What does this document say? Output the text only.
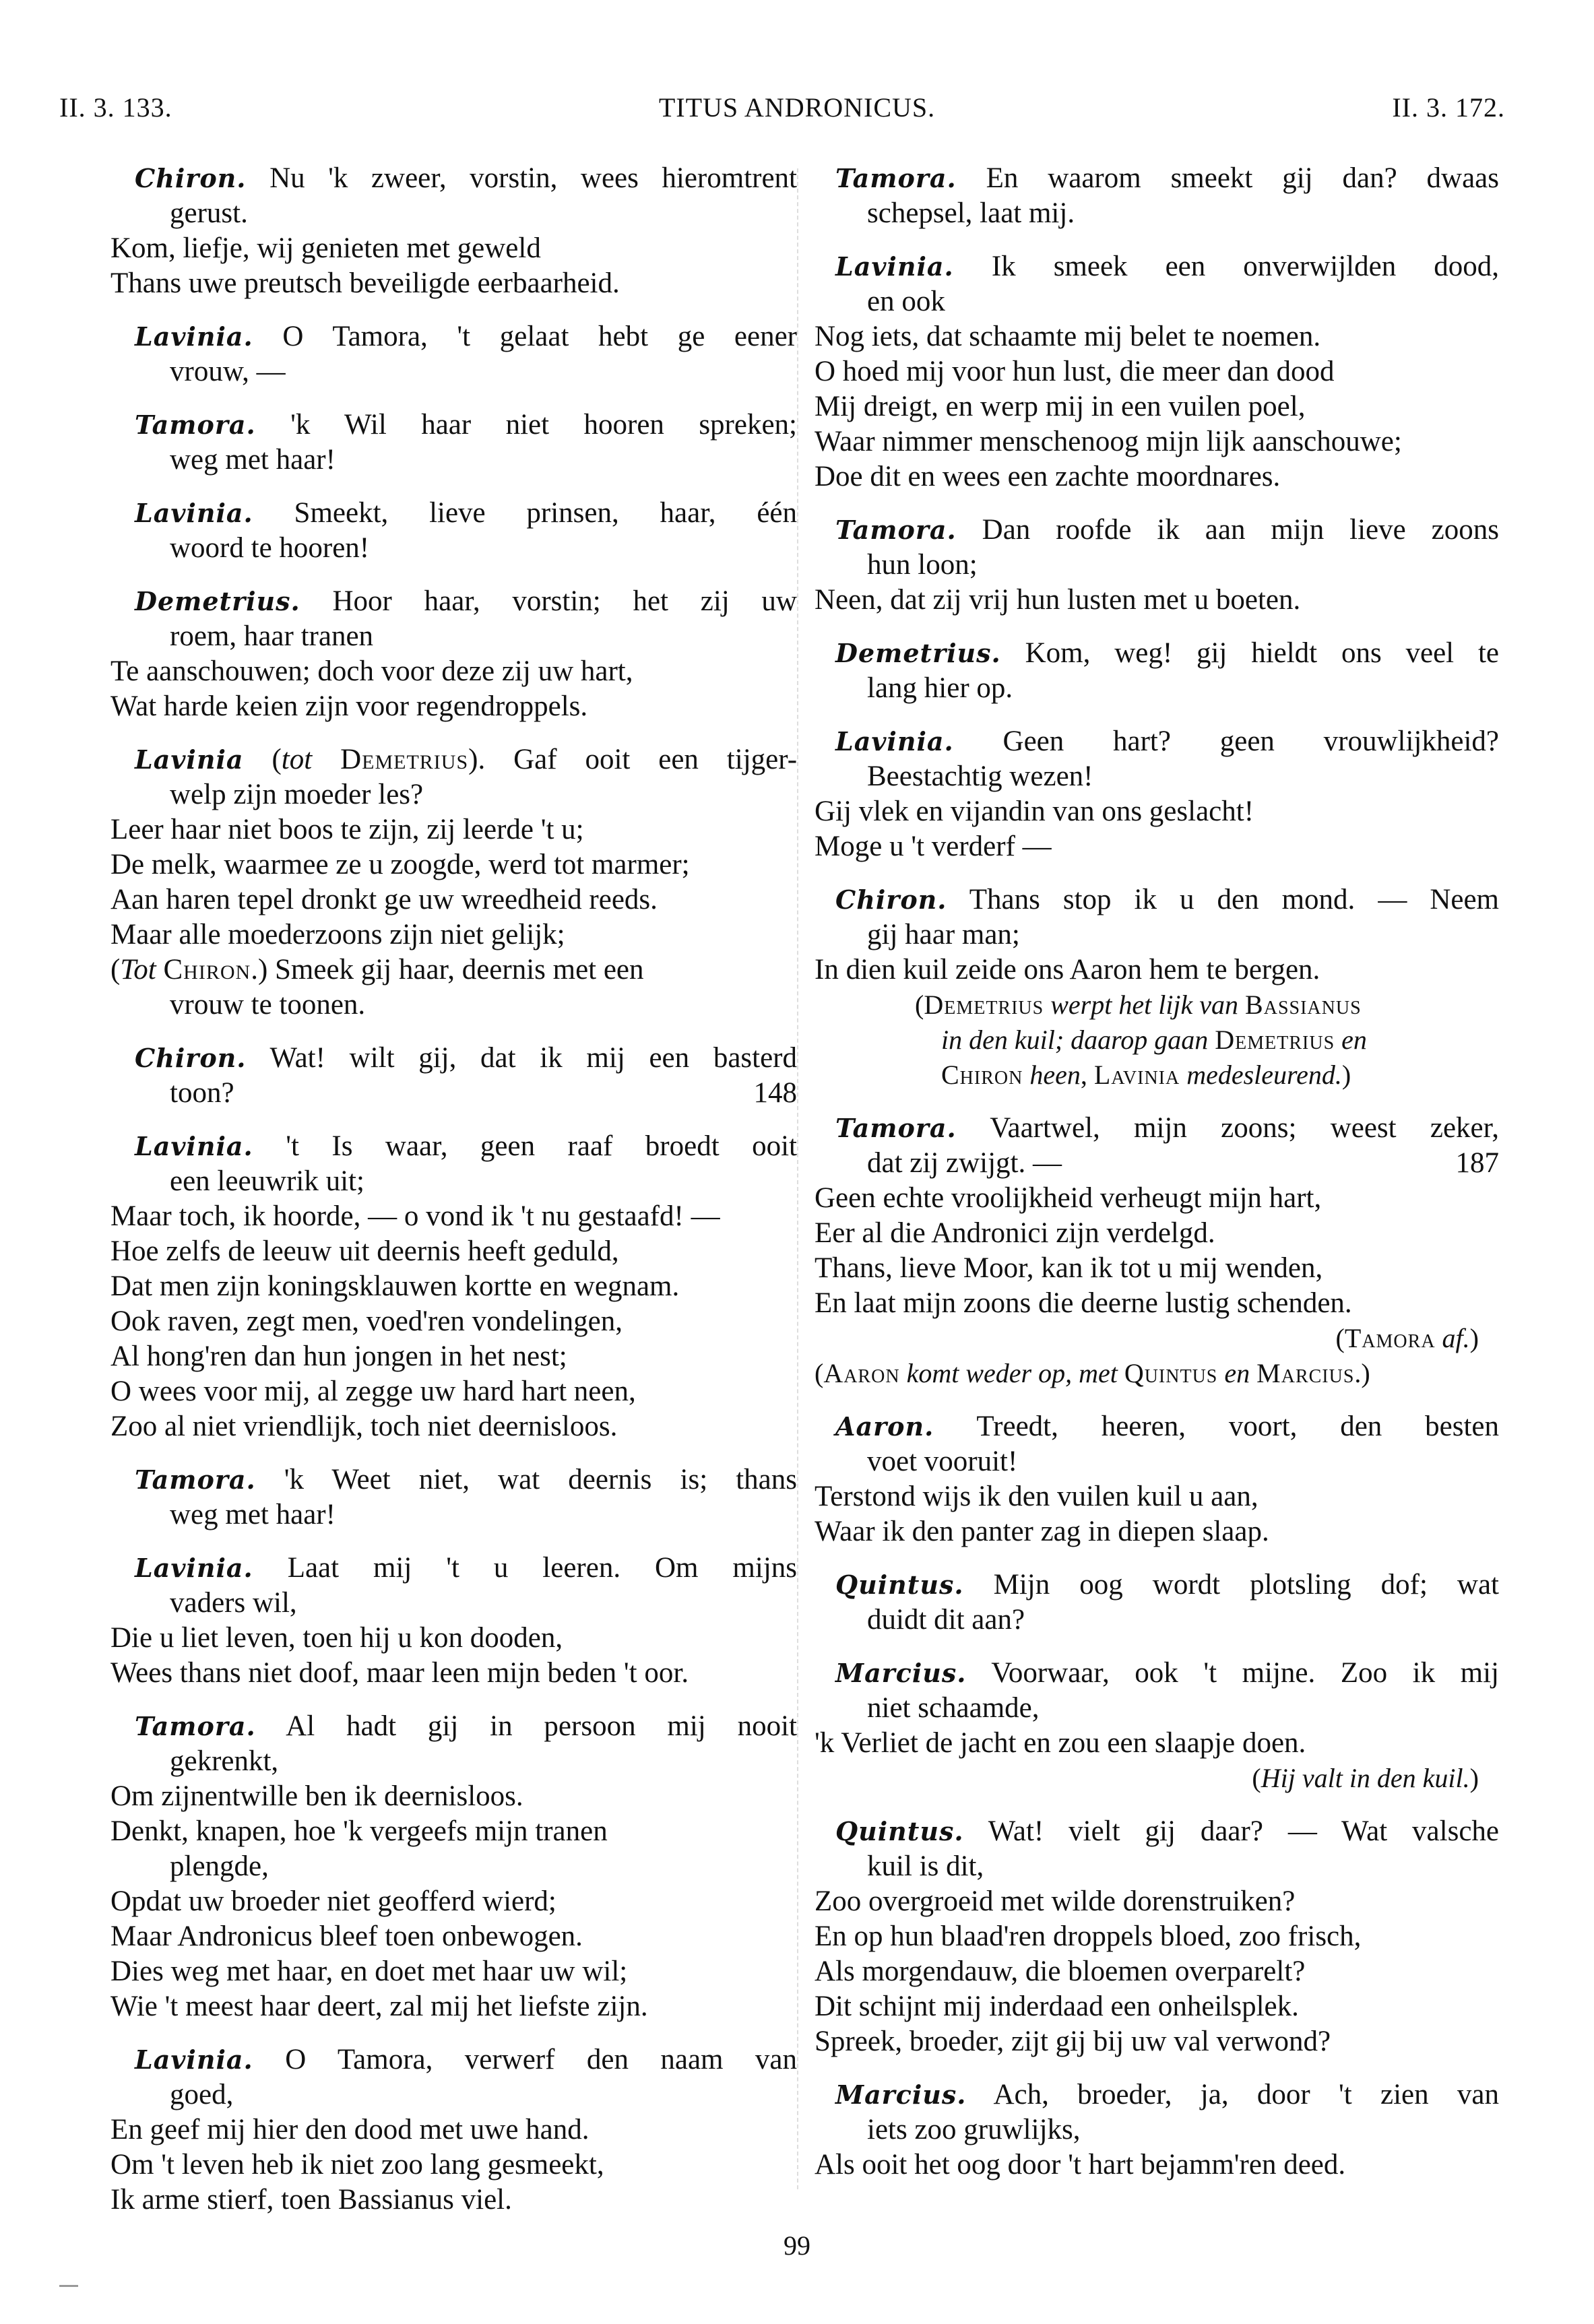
II. 3. 133.	TITUS ANDRONICUS.	II. 3. 172.
Chiron. Nu 'k zweer, vorstin, wees hieromtrent
gerust.
Kom, liefje, wij genieten met geweld
Thans uwe preutsch beveiligde eerbaarheid.
Lavinia. O Tamora, 't gelaat hebt ge eener
vrouw, —
Tamora. 'k Wil haar niet hooren spreken;
weg met haar!
Lavinia. Smeekt, lieve prinsen, haar, één
woord te hooren!
Demetrius. Hoor haar, vorstin; het zij uw
roem, haar tranen
Te aanschouwen; doch voor deze zij uw hart,
Wat harde keien zijn voor regendroppels.
Lavinia (tot Demetrius). Gaf ooit een tijger-
welp zijn moeder les?
Leer haar niet boos te zijn, zij leerde 't u;
De melk, waarmee ze u zoogde, werd tot marmer;
Aan haren tepel dronkt ge uw wreedheid reeds.
Maar alle moederzoons zijn niet gelijk;
(Tot Chiron.) Smeek gij haar, deernis met een
vrouw te toonen.
Chiron. Wat! wilt gij, dat ik mij een basterd
toon?	148
Lavinia. 't Is waar, geen raaf broedt ooit
een leeuwrik uit;
Maar toch, ik hoorde, — o vond ik 't nu gestaafd! —
Hoe zelfs de leeuw uit deernis heeft geduld,
Dat men zijn koningsklauwen kortte en wegnam.
Ook raven, zegt men, voed'ren vondelingen,
Al hong'ren dan hun jongen in het nest;
O wees voor mij, al zegge uw hard hart neen,
Zoo al niet vriendlijk, toch niet deernisloos.
Tamora. 'k Weet niet, wat deernis is; thans
weg met haar!
Lavinia. Laat mij 't u leeren. Om mijns
vaders wil,
Die u liet leven, toen hij u kon dooden,
Wees thans niet doof, maar leen mijn beden 't oor.
Tamora. Al hadt gij in persoon mij nooit
gekrenkt,
Om zijnentwille ben ik deernisloos.
Denkt, knapen, hoe 'k vergeefs mijn tranen
plengde,
Opdat uw broeder niet geofferd wierd;
Maar Andronicus bleef toen onbewogen.
Dies weg met haar, en doet met haar uw wil;
Wie 't meest haar deert, zal mij het liefste zijn.
Lavinia. O Tamora, verwerf den naam van
goed,
En geef mij hier den dood met uwe hand.
Om 't leven heb ik niet zoo lang gesmeekt,
Ik arme stierf, toen Bassianus viel.
Tamora. En waarom smeekt gij dan? dwaas
schepsel, laat mij.
Lavinia. Ik smeek een onverwijlden dood,
en ook
Nog iets, dat schaamte mij belet te noemen.
O hoed mij voor hun lust, die meer dan dood
Mij dreigt, en werp mij in een vuilen poel,
Waar nimmer menschenoog mijn lijk aanschouwe;
Doe dit en wees een zachte moordnares.
Tamora. Dan roofde ik aan mijn lieve zoons
hun loon;
Neen, dat zij vrij hun lusten met u boeten.
Demetrius. Kom, weg! gij hieldt ons veel te
lang hier op.
Lavinia. Geen hart? geen vrouwlijkheid?
Beestachtig wezen!
Gij vlek en vijandin van ons geslacht!
Moge u 't verderf —
Chiron. Thans stop ik u den mond. — Neem
gij haar man;
In dien kuil zeide ons Aaron hem te bergen.
(Demetrius werpt het lijk van Bassianus
in den kuil; daarop gaan Demetrius en
Chiron heen, Lavinia medesleurend.)
Tamora. Vaartwel, mijn zoons; weest zeker,
dat zij zwijgt. —	187
Geen echte vroolijkheid verheugt mijn hart,
Eer al die Andronici zijn verdelgd.
Thans, lieve Moor, kan ik tot u mij wenden,
En laat mijn zoons die deerne lustig schenden.
(Tamora af.)
(Aaron komt weder op, met Quintus en Marcius.)
Aaron. Treedt, heeren, voort, den besten
voet vooruit!
Terstond wijs ik den vuilen kuil u aan,
Waar ik den panter zag in diepen slaap.
Quintus. Mijn oog wordt plotsling dof; wat
duidt dit aan?
Marcius. Voorwaar, ook 't mijne. Zoo ik mij
niet schaamde,
'k Verliet de jacht en zou een slaapje doen.
(Hij valt in den kuil.)
Quintus. Wat! vielt gij daar? — Wat valsche
kuil is dit,
Zoo overgroeid met wilde dorenstruiken?
En op hun blaad'ren droppels bloed, zoo frisch,
Als morgendauw, die bloemen overparelt?
Dit schijnt mij inderdaad een onheilsplek.
Spreek, broeder, zijt gij bij uw val verwond?
Marcius. Ach, broeder, ja, door 't zien van
iets zoo gruwlijks,
Als ooit het oog door 't hart bejamm'ren deed.
99
